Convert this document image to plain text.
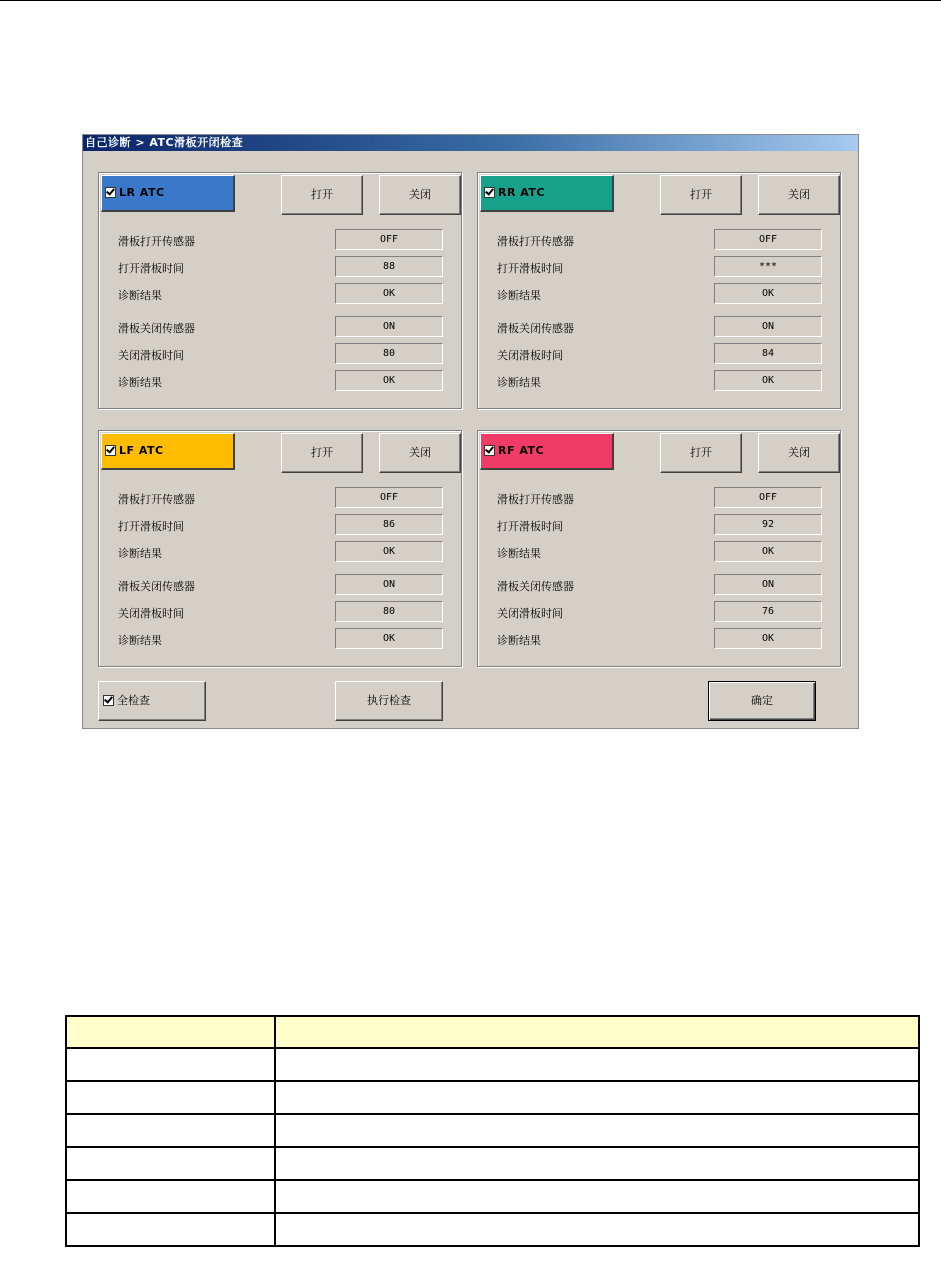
自己诊断 > ATC滑板开闭检查
LR ATC	打开	关闭
滑板打开传感器	OFF
打开滑板时间	88
诊断结果	OK
滑板关闭传感器	ON
关闭滑板时间	80
诊断结果	OK
RR ATC	打开	关闭
滑板打开传感器	OFF
打开滑板时间	***
诊断结果	OK
滑板关闭传感器	ON
关闭滑板时间	84
诊断结果	OK
LF ATC	打开	关闭
滑板打开传感器	OFF
打开滑板时间	86
诊断结果	OK
滑板关闭传感器	ON
关闭滑板时间	80
诊断结果	OK
RF ATC	打开	关闭
滑板打开传感器	OFF
打开滑板时间	92
诊断结果	OK
滑板关闭传感器	ON
关闭滑板时间	76
诊断结果	OK
全检查	执行检查	确定
